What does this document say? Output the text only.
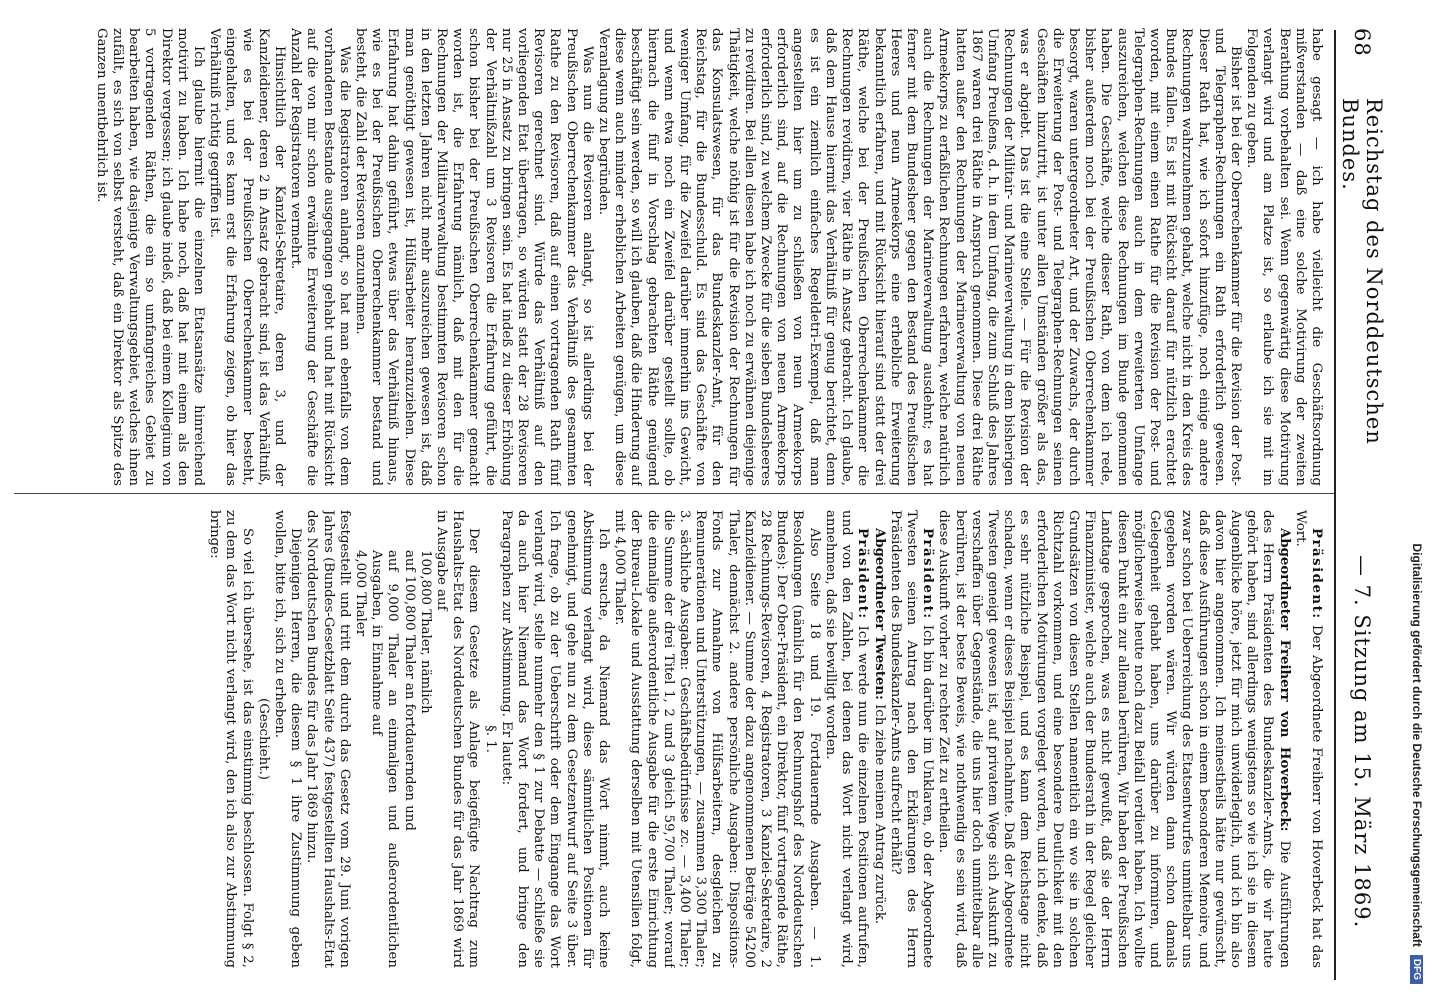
68
Reichstag des Norddeutschen Bundes.
— 7. Sitzung am 15. März 1869.

habe gesagt — ich habe vielleicht die Geschäftsordnung mißverstanden — daß eine solche Motivirung der zweiten Berathung vorbehalten sei. Wenn gegenwärtig diese Motivirung verlangt wird und am Platze ist, so erlaube ich sie mit im Folgenden zu geben.

Bisher ist bei der Oberrechenkammer für die Revision der Post- und Telegraphen-Rechnungen ein Rath erforderlich gewesen. Dieser Rath hat, wie ich sofort hinzufüge, noch einige andere Rechnungen wahrzunehmen gehabt, welche nicht in den Kreis des Bundes fallen. Es ist mit Rücksicht darauf für nützlich erachtet worden, mit einem einen Rathe für die Revision der Post- und Telegraphen-Rechnungen auch in dem erweiterten Umfange auszureichen, welchen diese Rechnungen im Bunde genommen haben. Die Geschäfte, welche dieser Rath, von dem ich rede, bisher außerdem noch bei der Preußischen Oberrechenkammer besorgt, waren untergeordneter Art, und der Zuwachs, der durch die Erweiterung der Post- und Telegraphen-Rechnungen seinen Geschäften hinzutritt, ist unter allen Umständen größer als das, was er abgiebt. Das ist die eine Stelle. — Für die Revision der Rechnungen der Militair- und Marineverwaltung in dem bisherigen Umfang Preußens, d. h. in dem Umfang, die zum Schluß des Jahres 1867 waren drei Räthe in Anspruch genommen. Diese drei Räthe hatten außer den Rechnungen der Marineverwaltung von neuen Armeekorps zu erfaßlichen Rechnungen erfahren, welche natürlich auch die Rechnungen der Marineverwaltung ausdehnt; es hat ferner mit dem Bundesheer gegen den Bestand des Preußischen Heeres und neun Armeekorps eine erhebliche Erweiterung bekanntlich erfahren, und mit Rücksicht hierauf sind statt der drei Räthe, welche bei der Preußischen Oberrechenkammer die Rechnungen revidiren, vier Räthe in Ansatz gebracht. Ich glaube, daß dem Hause hiermit das Verhältniß für genug berichtet, denn es ist ein ziemlich einfaches Regeldetri-Exempel, daß man angestellten hier um zu schließen von neun Armeekorps erforderlich sind, auf die Rechnungen von neuen Armeekorps erforderlich sind, zu welchem Zwecke für die sieben Bundesheeres zu revidiren. Bei allen diesen habe ich noch zu erwähnen diejenige Thätigkeit, welche nöthig ist für die Revision der Rechnungen für das Konsulatswesen, für das Bundeskanzler-Amt, für den Reichstag, für die Bundesschuld. Es sind das Geschäfte von weniger Umfang, für die Zweifel darüber immerhin ins Gewicht, und wenn etwa noch ein Zweifel darüber gestellt sollte, ob hiernach die fünf in Vorschlag gebrachten Räthe genügend beschäftigt sein werden, so will ich glauben, daß die Hinderung auf diese wenn auch minder erheblichen Arbeiten genügen, um diese Veranlagung zu begründen.

Was nun die Revisoren anlangt, so ist allerdings bei der Preußischen Oberrechenkammer das Verhältniß des gesammten Rathe zu den Revisoren, daß auf einen vortragenden Rath fünf Revisoren gerechnet sind. Würde das Verhältniß auf den vorliegenden Etat übertragen, so würden statt der 28 Revisoren nur 25 in Ansatz zu bringen sein. Es hat indeß zu dieser Erhöhung der Verhältnißzahl um 3 Revisoren die Erfahrung geführt, die schon bisher bei der Preußischen Oberrechenkammer gemacht worden ist, die Erfahrung nämlich, daß mit den für die Rechnungen der Militairverwaltung bestimmten Revisoren schon in den letzten Jahren nicht mehr auszureichen gewesen ist, daß man genöthigt gewesen ist, Hülfsarbeiter heranzuziehen. Diese Erfahrung hat dahin geführt, etwas über das Verhältniß hinaus, wie es bei der Preußischen Oberrechenkammer bestand und besteht, die Zahl der Revisoren anzunehmen.

Was die Registratoren anlangt, so hat man ebenfalls von dem vorhandenen Bestande ausgegangen gehabt und hat mit Rücksicht auf die von mir schon erwähnte Erweiterung der Geschäfte die Anzahl der Registratoren vermehrt.

Hinsichtlich der Kanzlei-Sekretaire, deren 3, und der Kanzleidiener, deren 2 in Ansatz gebracht sind, ist das Verhältniß, wie es bei der Preußischen Oberrechenkammer besteht, eingehalten, und es kann erst die Erfahrung zeigen, ob hier das Verhältniß richtig gegriffen ist.

Ich glaube hiermit die einzelnen Etatsansätze hinreichend motivirt zu haben. Ich habe noch, daß hat mit einem als den Direktor vergessen; ich glaube indeß, daß bei einem Kollegium von 5 vortragenden Räthen, die ein so umfangreiches Gebiet zu bearbeiten haben, wie dasjenige Verwaltungsgebiet, welches ihnen zufällt, es sich von selbst versteht, daß ein Direktor als Spitze des Ganzen unentbehrlich ist.

Präsident: Der Abgeordnete Freiherr von Hoverbeck hat das Wort.

Abgeordneter Freiherr von Hoverbeck: Die Ausführungen des Herrn Präsidenten des Bundeskanzler-Amts, die wir heute gehört haben, sind allerdings wenigstens so wie ich sie in diesem Augenblicke höre, jetzt für mich unwiderleglich, und ich bin also davon hier angenommen. Ich meinestheils hätte nur gewünscht, daß diese Ausführungen schon in einem besonderen Memoire, und zwar schon bei Ueberreichung des Etatsentwurfes unmittelbar uns gegeben worden wären. Wir würden dann schon damals Gelegenheit gehabt haben, uns darüber zu informiren, und möglicherweise heute noch dazu Beifall verdient haben. Ich wollte diesen Punkt ein zur allemal berühren, Wir haben der Preußischen Landtage gesprochen, was es nicht gewußt, daß sie der Herrn Finanzminister, welche auch der Bundesrath in der Regel gleicher Grundsätzen von diesen Stellen namentlich ein wo sie in solchen Richtzahl vorkommen, und eine besondere Deutlichkeit mit den erforderlichen Motivirungen vorgelegt worden, und ich denke, daß es sehr nützliche Beispiel, und es kann dem Reichstage nicht schaden, wenn er dieses Beispiel nachahmte. Daß der Abgeordnete Twesten geneigt gewesen ist, auf privatem Wege sich Auskunft zu verschaffen über Gegenstände, die uns hier doch unmittelbar alle berühren, ist der beste Beweis, wie nothwendig es sein wird, daß diese Auskunft vorher zu rechter Zeit zu ertheilen.

Präsident: Ich bin darüber im Unklaren, ob der Abgeordnete Twesten seinen Antrag nach den Erklärungen des Herrn Präsidenten des Bundeskanzler-Amts aufrecht erhält?

Abgeordneter Twesten: Ich ziehe meinen Antrag zurück.

Präsident: Ich werde nun die einzelnen Positionen aufrufen, und von den Zahlen, bei denen das Wort nicht verlangt wird, annehmen, daß sie bewilligt worden.

Also Seite 18 und 19. Fortdauernde Ausgaben. — 1. Besoldungen (nämlich für den Rechnungshof des Norddeutschen Bundes): Der Ober-Präsident, ein Direktor, fünf vortragende Räthe, 28 Rechnungs-Revisoren, 4 Registratoren, 3 Kanzlei-Sekretaire, 2 Kanzleidiener. — Summe der dazu angenommenen Beträge 54200 Thaler, dennächst 2. andere persönliche Ausgaben: Dispositions-Fonds zur Annahme von Hülfsarbeitern, desgleichen zu Remunerationen und Unterstützungen, — zusammen 3,300 Thaler; 3. sächliche Ausgaben: Geschäftsbedürfnisse zc. — 3,400 Thaler; die Summe der drei Titel 1, 2 und 3 gleich 59,700 Thaler; worauf die einmalige außerordentliche Ausgabe für die erste Einrichtung der Bureau-Lokale und Ausstattung derselben mit Utensilien folgt, mit 4,000 Thaler.

Ich ersuche, da Niemand das Wort nimmt, auch keine Abstimmung verlangt wird, diese sämmtlichen Positionen für genehmigt, und gehe nun zu dem Gesetzentwurf auf Seite 3 über. Ich frage, ob zu der Ueberschrift oder dem Eingange das Wort verlangt wird, stelle nunmehr den § 1 zur Debatte — schließe sie da auch hier Niemand das Wort fordert, und bringe den Paragraphen zur Abstimmung. Er lautet:

§. 1.

Der diesem Gesetze als Anlage beigefügte Nachtrag zum Haushalts-Etat des Norddeutschen Bundes für das Jahr 1869 wird in Ausgabe auf

100,800 Thaler, nämlich

auf 100,800 Thaler an fortdauernden und

auf 9,000 Thaler an einmaligen und außerordentlichen Ausgaben, in Einnahme auf

4,000 Thaler

festgestellt und tritt dem durch das Gesetz vom 29. Juni vorigen Jahres (Bundes-Gesetzblatt Seite 437) festgestellten Haushalts-Etat des Norddeutschen Bundes für das Jahr 1869 hinzu.

Diejenigen Herren, die diesem § 1 ihre Zustimmung geben wollen, bitte ich, sich zu erheben.

(Geschieht.)

So viel ich übersehe, ist das einstimmig beschlossen. Folgt § 2, zu dem das Wort nicht verlangt wird, den ich also zur Abstimmung bringe:

Digitalisierung gefördert durch die Deutsche Forschungsgemeinschaft
DFG
